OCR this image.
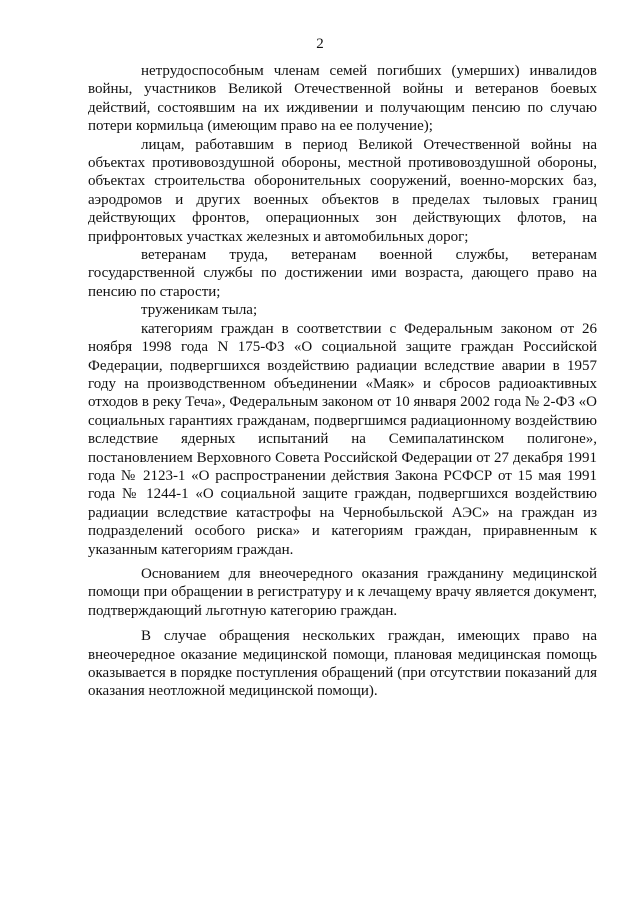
2

нетрудоспособным членам семей погибших (умерших) инвалидов войны, участников Великой Отечественной войны и ветеранов боевых действий, состоявшим на их иждивении и получающим пенсию по случаю потери кормильца (имеющим право на ее получение);

лицам, работавшим в период Великой Отечественной войны на объектах противовоздушной обороны, местной противовоздушной обороны, объектах строительства оборонительных сооружений, военно-морских баз, аэродромов и других военных объектов в пределах тыловых границ действующих фронтов, операционных зон действующих флотов, на прифронтовых участках железных и автомобильных дорог;

ветеранам труда, ветеранам военной службы, ветеранам государственной службы по достижении ими возраста, дающего право на пенсию по старости;

труженикам тыла;

категориям граждан в соответствии с Федеральным законом от 26 ноября 1998 года N 175-ФЗ «О социальной защите граждан Российской Федерации, подвергшихся воздействию радиации вследствие аварии в 1957 году на производственном объединении «Маяк» и сбросов радиоактивных отходов в реку Теча», Федеральным законом от 10 января 2002 года № 2-ФЗ «О социальных гарантиях гражданам, подвергшимся радиационному воздействию вследствие ядерных испытаний на Семипалатинском полигоне», постановлением Верховного Совета Российской Федерации от 27 декабря 1991 года № 2123-1 «О распространении действия Закона РСФСР от 15 мая 1991 года № 1244-1 «О социальной защите граждан, подвергшихся воздействию радиации вследствие катастрофы на Чернобыльской АЭС» на граждан из подразделений особого риска» и категориям граждан, приравненным к указанным категориям граждан.

Основанием для внеочередного оказания гражданину медицинской помощи при обращении в регистратуру и к лечащему врачу является документ, подтверждающий льготную категорию граждан.

В случае обращения нескольких граждан, имеющих право на внеочередное оказание медицинской помощи, плановая медицинская помощь оказывается в порядке поступления обращений (при отсутствии показаний для оказания неотложной медицинской помощи).
